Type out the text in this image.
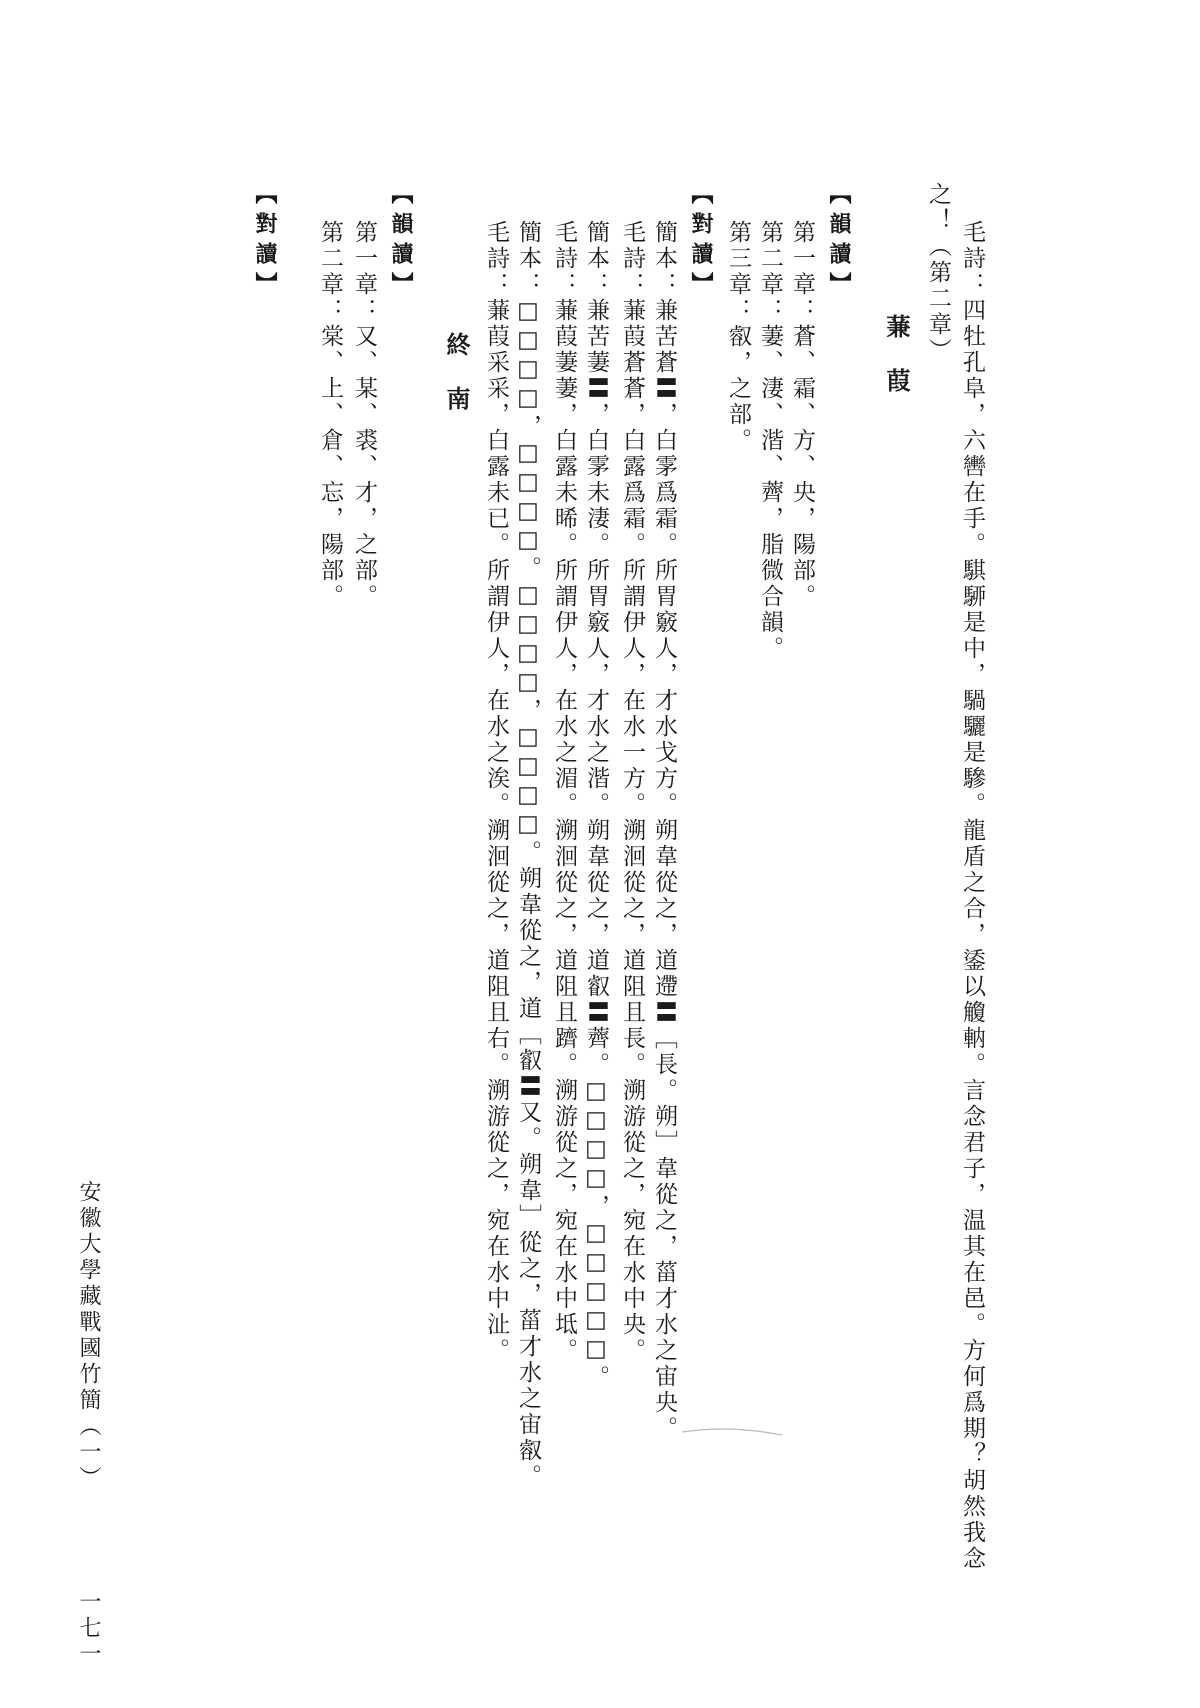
毛詩：四牡孔阜，六轡在手。騏駵是中，騧驪是驂。龍盾之合，鋈以觼軜。言念君子，温其在邑。方何爲期？胡然我念
之！（第二章）
蒹葭
【韻讀】
第一章：蒼、霜、方、央，陽部。
第二章：萋、淒、湝、薺，脂微合韻。
第三章：㕡，之部。
【對讀】
簡本：兼苦蒼〓，白雺爲霜。所胃竅人，才水戈方。朔韋從之，道遰〓［長。朔］韋從之，菑才水之宙央。
毛詩：蒹葭蒼蒼，白露爲霜。所謂伊人，在水一方。溯洄從之，道阻且長。溯游從之，宛在水中央。
簡本：兼苦萋〓，白雺未淒。所胃竅人，才水之湝。朔韋從之，道叡〓薺。□□□□，□□□□□。
毛詩：蒹葭萋萋，白露未晞。所謂伊人，在水之湄。溯洄從之，道阻且躋。溯游從之，宛在水中坻。
簡本：□□□□，□□□□。□□□□，□□□□。朔韋從之，道［叡〓又。朔韋］從之，菑才水之宙㕡。
毛詩：蒹葭采采，白露未已。所謂伊人，在水之涘。溯洄從之，道阻且右。溯游從之，宛在水中沚。
終南
【韻讀】
第一章：又、某、裘、才，之部。
第二章：棠、上、倉、忘，陽部。
【對讀】
安徽大學藏戰國竹簡（一）
一七一
